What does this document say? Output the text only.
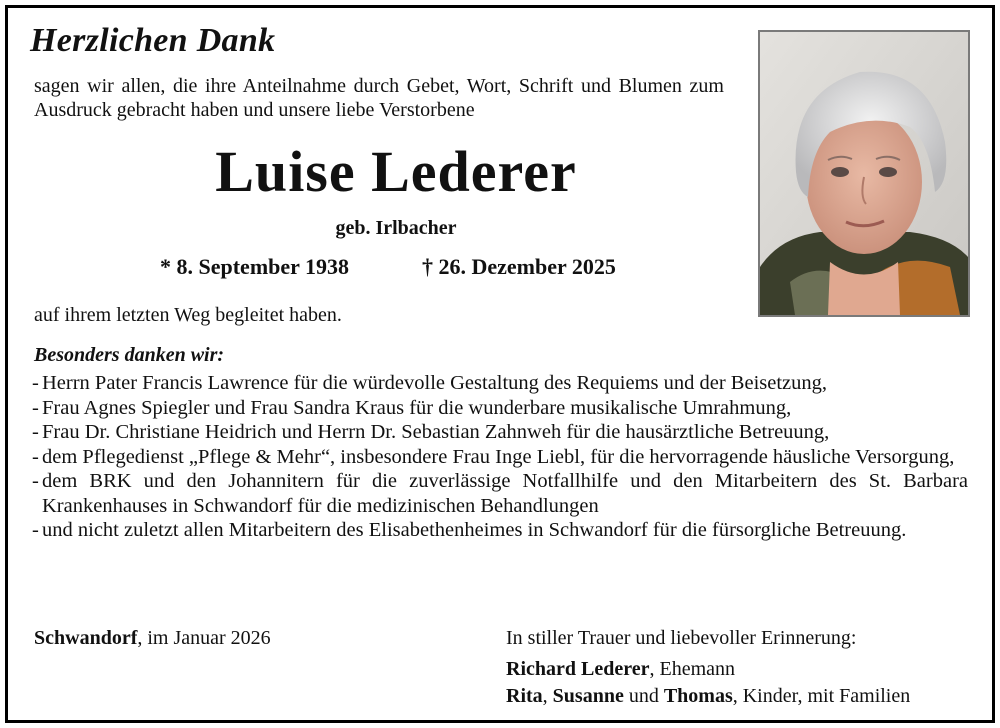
Herzlichen Dank
sagen wir allen, die ihre Anteilnahme durch Gebet, Wort, Schrift und Blumen zum Ausdruck gebracht haben und unsere liebe Verstorbene
Luise Lederer
geb. Irlbacher
* 8. September 1938	† 26. Dezember 2025
auf ihrem letzten Weg begleitet haben.
Besonders danken wir:
- Herrn Pater Francis Lawrence für die würdevolle Gestaltung des Requiems und der Beisetzung,
- Frau Agnes Spiegler und Frau Sandra Kraus für die wunderbare musikalische Umrahmung,
- Frau Dr. Christiane Heidrich und Herrn Dr. Sebastian Zahnweh für die hausärztliche Betreuung,
- dem Pflegedienst „Pflege & Mehr“, insbesondere Frau Inge Liebl, für die hervorragende häusliche Versorgung,
- dem BRK und den Johannitern für die zuverlässige Notfallhilfe und den Mitarbeitern des St. Barbara Krankenhauses in Schwandorf für die medizinischen Behandlungen
- und nicht zuletzt allen Mitarbeitern des Elisabethenheimes in Schwandorf für die fürsorgliche Betreuung.
Schwandorf, im Januar 2026	In stiller Trauer und liebevoller Erinnerung:
Richard Lederer, Ehemann
Rita, Susanne und Thomas, Kinder, mit Familien
